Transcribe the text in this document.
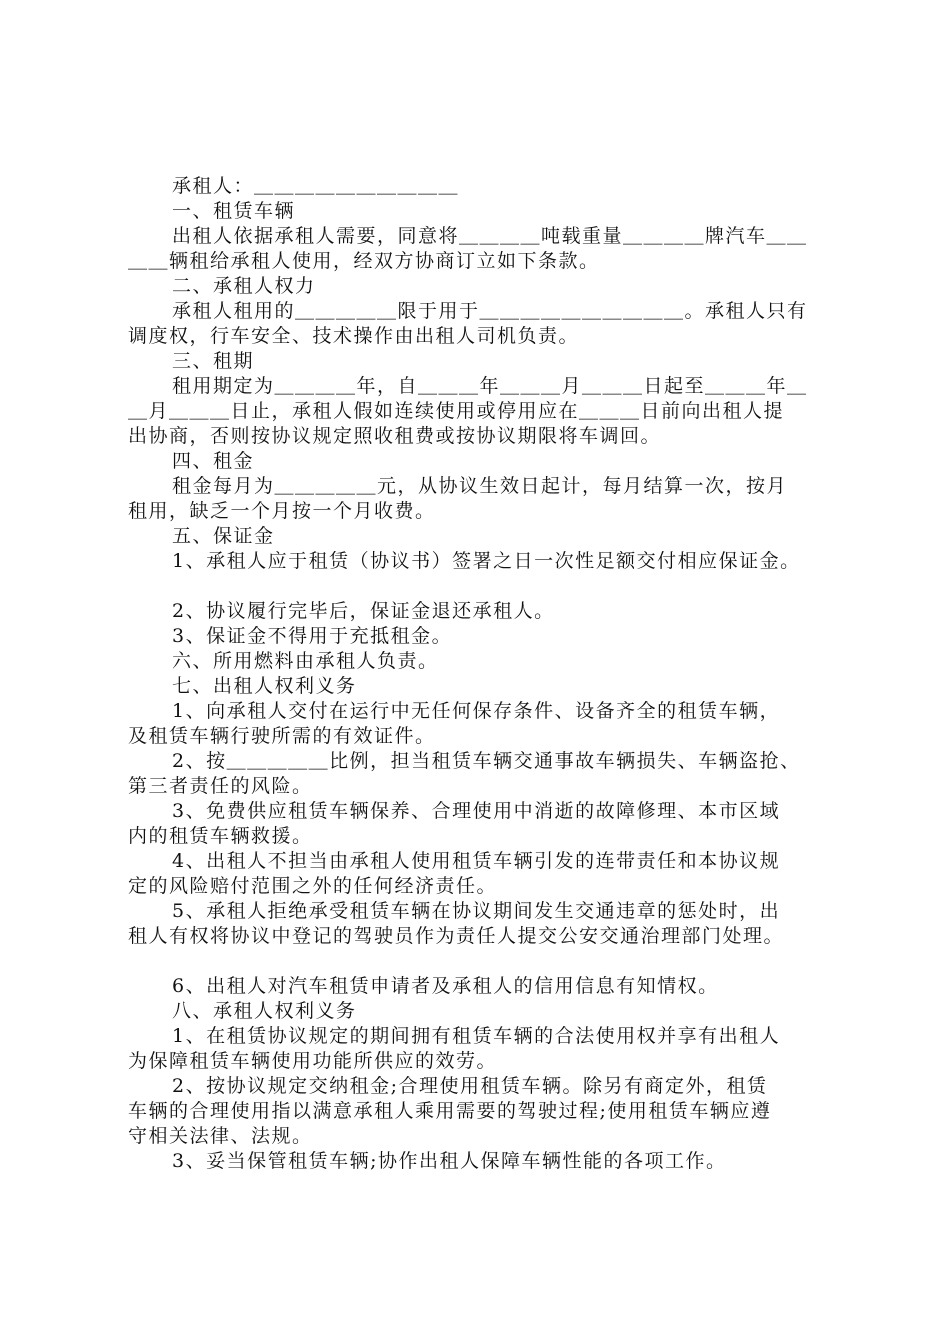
承租人：＿＿＿＿＿＿＿＿＿＿
一、租赁车辆
出租人依据承租人需要，同意将＿＿＿＿吨载重量＿＿＿＿牌汽车＿＿
＿＿辆租给承租人使用，经双方协商订立如下条款。
二、承租人权力
承租人租用的＿＿＿＿＿限于用于＿＿＿＿＿＿＿＿＿＿。承租人只有
调度权，行车安全、技术操作由出租人司机负责。
三、租期
租用期定为＿＿＿＿年，自＿＿＿年＿＿＿月＿＿＿日起至＿＿＿年＿
＿月＿＿＿日止，承租人假如连续使用或停用应在＿＿＿日前向出租人提
出协商，否则按协议规定照收租费或按协议期限将车调回。
四、租金
租金每月为＿＿＿＿＿元，从协议生效日起计，每月结算一次，按月
租用，缺乏一个月按一个月收费。
五、保证金
1、承租人应于租赁（协议书）签署之日一次性足额交付相应保证金。
2、协议履行完毕后，保证金退还承租人。
3、保证金不得用于充抵租金。
六、所用燃料由承租人负责。
七、出租人权利义务
1、向承租人交付在运行中无任何保存条件、设备齐全的租赁车辆，
及租赁车辆行驶所需的有效证件。
2、按＿＿＿＿＿比例，担当租赁车辆交通事故车辆损失、车辆盗抢、
第三者责任的风险。
3、免费供应租赁车辆保养、合理使用中消逝的故障修理、本市区域
内的租赁车辆救援。
4、出租人不担当由承租人使用租赁车辆引发的连带责任和本协议规
定的风险赔付范围之外的任何经济责任。
5、承租人拒绝承受租赁车辆在协议期间发生交通违章的惩处时，出
租人有权将协议中登记的驾驶员作为责任人提交公安交通治理部门处理。
6、出租人对汽车租赁申请者及承租人的信用信息有知情权。
八、承租人权利义务
1、在租赁协议规定的期间拥有租赁车辆的合法使用权并享有出租人
为保障租赁车辆使用功能所供应的效劳。
2、按协议规定交纳租金;合理使用租赁车辆。除另有商定外，租赁
车辆的合理使用指以满意承租人乘用需要的驾驶过程;使用租赁车辆应遵
守相关法律、法规。
3、妥当保管租赁车辆;协作出租人保障车辆性能的各项工作。
